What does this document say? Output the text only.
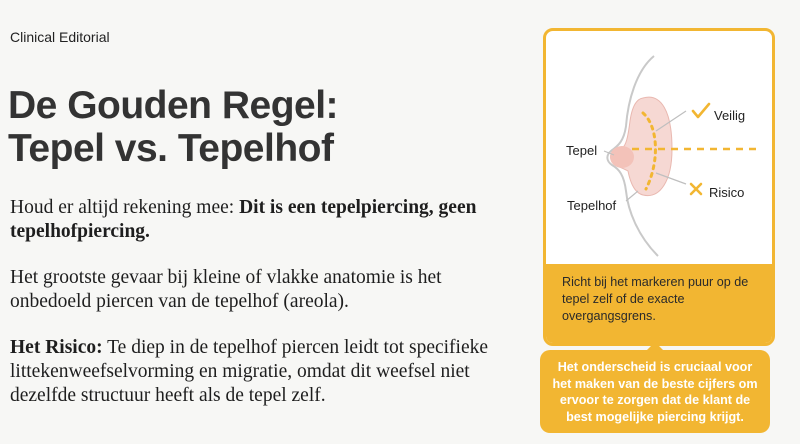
Clinical Editorial
De Gouden Regel:
Tepel vs. Tepelhof

Houd er altijd rekening mee: Dit is een tepelpiercing, geen tepelhofpiercing.

Het grootste gevaar bij kleine of vlakke anatomie is het onbedoeld piercen van de tepelhof (areola).

Het Risico: Te diep in de tepelhof piercen leidt tot specifieke littekenweefselvorming en migratie, omdat dit weefsel niet dezelfde structuur heeft als de tepel zelf.

Tepel
Tepelhof
Veilig
Risico
Richt bij het markeren puur op de tepel zelf of de exacte overgangsgrens.
Het onderscheid is cruciaal voor het maken van de beste cijfers om ervoor te zorgen dat de klant de best mogelijke piercing krijgt.
